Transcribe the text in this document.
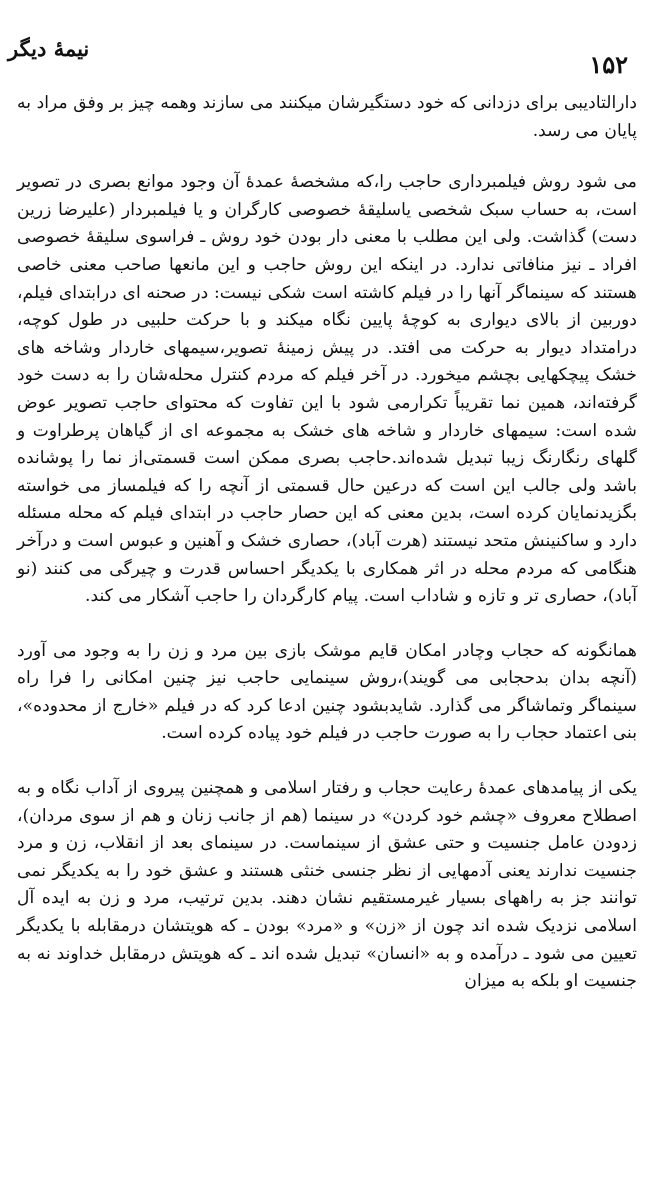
نیمهٔ دیگر
۱۵۲

دارالتادیبی برای دزدانی که خود دستگیرشان میکنند می سازند وهمه چیز بر وفق مراد به پایان می رسد.

می شود روش فیلمبرداری حاجب را،که مشخصهٔ عمدهٔ آن وجود موانع بصری در تصویر است، به حساب سبک شخصی یاسلیقهٔ خصوصی کارگران و یا فیلمبردار (علیرضا زرین دست) گذاشت. ولی این مطلب با معنی دار بودن خود روش ـ فراسوی سلیقهٔ خصوصی افراد ـ نیز منافاتی ندارد. در اینکه این روش حاجب و این مانعها صاحب معنی خاصی هستند که سینماگر آنها را در فیلم کاشته است شکی نیست: در صحنه ای درابتدای فیلم، دوربین از بالای دیواری به کوچهٔ پایین نگاه میکند و با حرکت حلبیی در طول کوچه، درامتداد دیوار به حرکت می افتد. در پیش زمینهٔ تصویر،سیمهای خاردار وشاخه های خشک پیچکهایی بچشم میخورد. در آخر فیلم که مردم کنترل محله‌شان را به دست خود گرفته‌اند، همین نما تقریباً تکرارمی شود با این تفاوت که محتوای حاجب تصویر عوض شده است: سیمهای خاردار و شاخه های خشک به مجموعه ای از گیاهان پرطراوت و گلهای رنگارنگ زیبا تبدیل شده‌اند.حاجب بصری ممکن است قسمتی‌از نما را پوشانده باشد ولی جالب این است که درعین حال قسمتی از آنچه را که فیلمساز می خواسته بگزیدنمایان کرده است، بدین معنی که این حصار حاجب در ابتدای فیلم که محله مسئله دارد و ساکنینش متحد نیستند (هرت آباد)، حصاری خشک و آهنین و عبوس است و درآخر هنگامی که مردم محله در اثر همکاری با یکدیگر احساس قدرت و چیرگی می کنند (نو آباد)، حصاری تر و تازه و شاداب است. پیام کارگردان را حاجب آشکار می کند.

همانگونه که حجاب وچادر امکان قایم موشک بازی بین مرد و زن را به وجود می آورد (آنچه بدان بدحجابی می گویند)،روش سینمایی حاجب نیز چنین امکانی را فرا راه سینماگر وتماشاگر می گذارد. شایدبشود چنین ادعا کرد که در فیلم «خارج از محدوده»، بنی اعتماد حجاب را به صورت حاجب در فیلم خود پیاده کرده است.

یکی از پیامدهای عمدهٔ رعایت حجاب و رفتار اسلامی و همچنین پیروی از آداب نگاه و به اصطلاح معروف «چشم خود کردن» در سینما (هم از جانب زنان و هم از سوی مردان)، زدودن عامل جنسیت و حتی عشق از سینماست. در سینمای بعد از انقلاب، زن و مرد جنسیت ندارند یعنی آدمهایی از نظر جنسی خنثی هستند و عشق خود را به یکدیگر نمی توانند جز به راههای بسیار غیرمستقیم نشان دهند. بدین ترتیب، مرد و زن به ایده آل اسلامی نزدیک شده اند چون از «زن» و «مرد» بودن ـ که هویتشان درمقابله با یکدیگر تعیین می شود ـ درآمده و به «انسان» تبدیل شده اند ـ که هویتش درمقابل خداوند نه به جنسیت او بلکه به میزان
